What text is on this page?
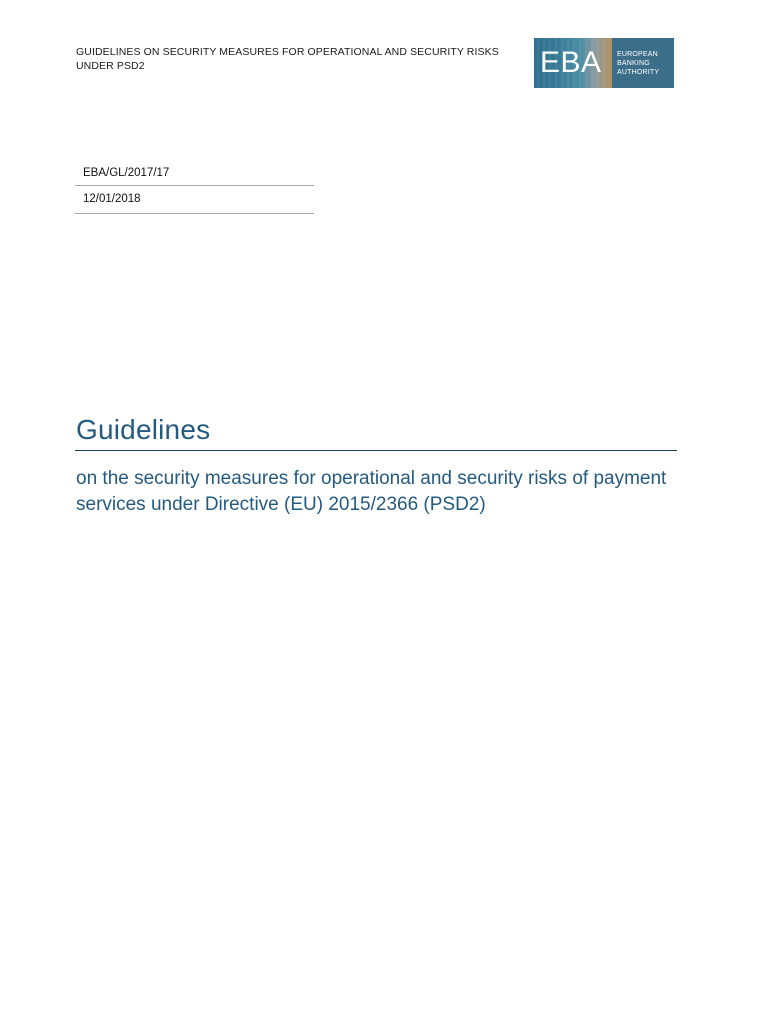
GUIDELINES ON SECURITY MEASURES FOR OPERATIONAL AND SECURITY RISKS UNDER PSD2	EBA EUROPEAN
BANKING
AUTHORITY
EBA/GL/2017/17
12/01/2018
Guidelines
on the security measures for operational and security risks of payment services under Directive (EU) 2015/2366 (PSD2)
